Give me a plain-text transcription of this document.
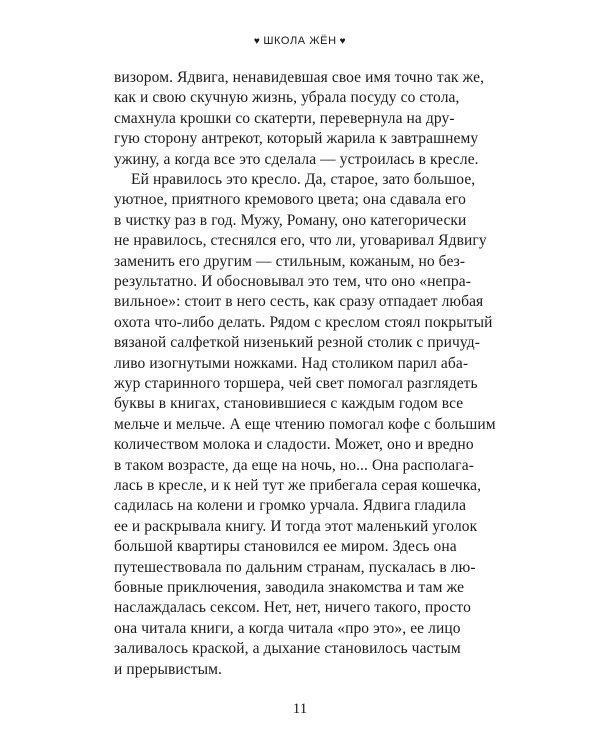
♥ ШКОЛА ЖЁН ♥
визором. Ядвига, ненавидевшая свое имя точно так же,
как и свою скучную жизнь, убрала посуду со стола,
смахнула крошки со скатерти, перевернула на дру-
гую сторону антрекот, который жарила к завтрашнему
ужину, а когда все это сделала — устроилась в кресле.
Ей нравилось это кресло. Да, старое, зато большое,
уютное, приятного кремового цвета; она сдавала его
в чистку раз в год. Мужу, Роману, оно категорически
не нравилось, стеснялся его, что ли, уговаривал Ядвигу
заменить его другим — стильным, кожаным, но без-
результатно. И обосновывал это тем, что оно «непра-
вильное»: стоит в него сесть, как сразу отпадает любая
охота что-либо делать. Рядом с креслом стоял покрытый
вязаной салфеткой низенький резной столик с причуд-
ливо изогнутыми ножками. Над столиком парил аба-
жур старинного торшера, чей свет помогал разглядеть
буквы в книгах, становившиеся с каждым годом все
мельче и мельче. А еще чтению помогал кофе с большим
количеством молока и сладости. Может, оно и вредно
в таком возрасте, да еще на ночь, но... Она располага-
лась в кресле, и к ней тут же прибегала серая кошечка,
садилась на колени и громко урчала. Ядвига гладила
ее и раскрывала книгу. И тогда этот маленький уголок
большой квартиры становился ее миром. Здесь она
путешествовала по дальним странам, пускалась в лю-
бовные приключения, заводила знакомства и там же
наслаждалась сексом. Нет, нет, ничего такого, просто
она читала книги, а когда читала «про это», ее лицо
заливалось краской, а дыхание становилось частым
и прерывистым.
11
